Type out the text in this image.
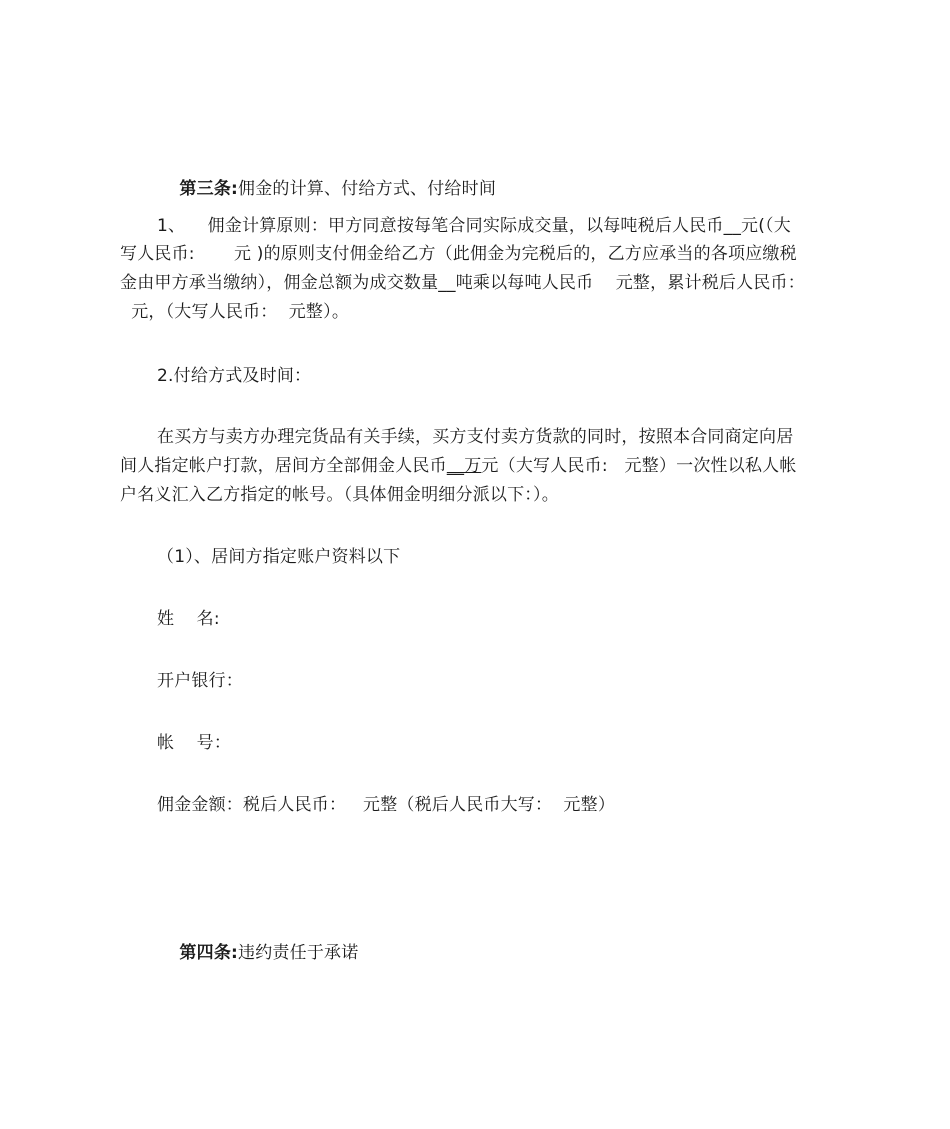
第三条:佣金的计算、付给方式、付给时间

1、    佣金计算原则：甲方同意按每笔合同实际成交量，以每吨税后人民币__元(（大
写人民币:       元 )的原则支付佣金给乙方（此佣金为完税后的，乙方应承当的各项应缴税
金由甲方承当缴纳），佣金总额为成交数量__吨乘以每吨人民币    元整，累计税后人民币：
元，（大写人民币：  元整）。
2.付给方式及时间：
在买方与卖方办理完货品有关手续，买方支付卖方货款的同时，按照本合同商定向居
间人指定帐户打款，居间方全部佣金人民币__万元（大写人民币:   元整）一次性以私人帐
户名义汇入乙方指定的帐号。（具体佣金明细分派以下：）。
（1）、居间方指定账户资料以下
姓    名:
开户银行：
帐    号：
佣金金额：税后人民币：   元整（税后人民币大写：  元整）

第四条:违约责任于承诺
